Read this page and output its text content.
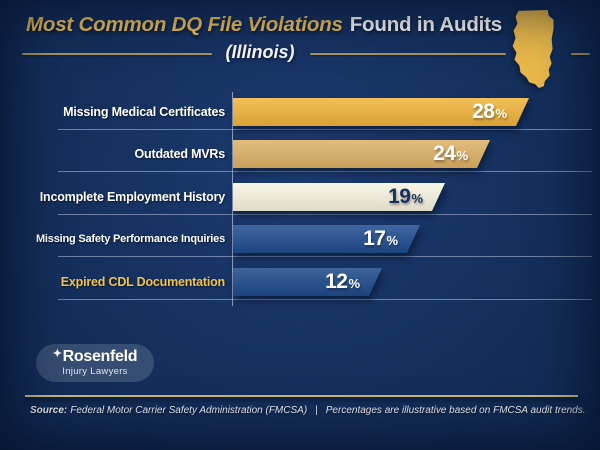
Most Common DQ File Violations Found in Audits
(Illinois)
Missing Medical Certificates	28 %
Outdated MVRs	24 %
Incomplete Employment History	19 %
Missing Safety Performance Inquiries	17 %
Expired CDL Documentation	12 %
✦ Rosenfeld
Injury Lawyers
Source: Federal Motor Carrier Safety Administration (FMCSA) | Percentages are illustrative based on FMCSA audit trends.
